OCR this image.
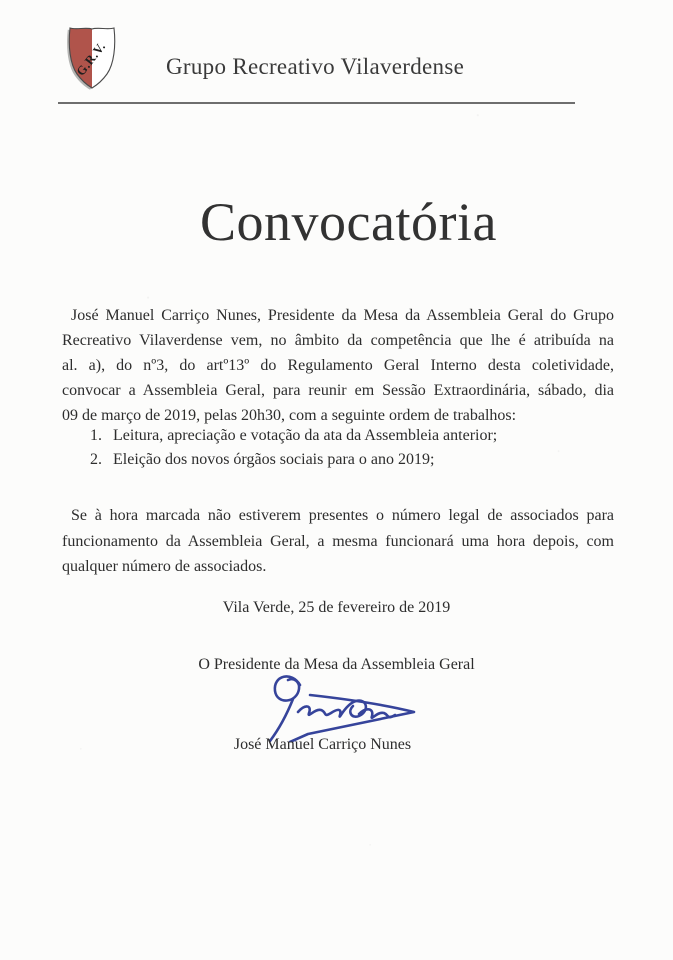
G.R.V.	Grupo Recreativo Vilaverdense
Convocatória
José Manuel Carriço Nunes, Presidente da Mesa da Assembleia Geral do Grupo
Recreativo Vilaverdense vem, no âmbito da competência que lhe é atribuída na
al. a), do nº3, do artº13º do Regulamento Geral Interno desta coletividade,
convocar a Assembleia Geral, para reunir em Sessão Extraordinária, sábado, dia
09 de março de 2019, pelas 20h30, com a seguinte ordem de trabalhos:
1. Leitura, apreciação e votação da ata da Assembleia anterior;
2. Eleição dos novos órgãos sociais para o ano 2019;
Se à hora marcada não estiverem presentes o número legal de associados para
funcionamento da Assembleia Geral, a mesma funcionará uma hora depois, com
qualquer número de associados.
Vila Verde, 25 de fevereiro de 2019
O Presidente da Mesa da Assembleia Geral
José Manuel Carriço Nunes
